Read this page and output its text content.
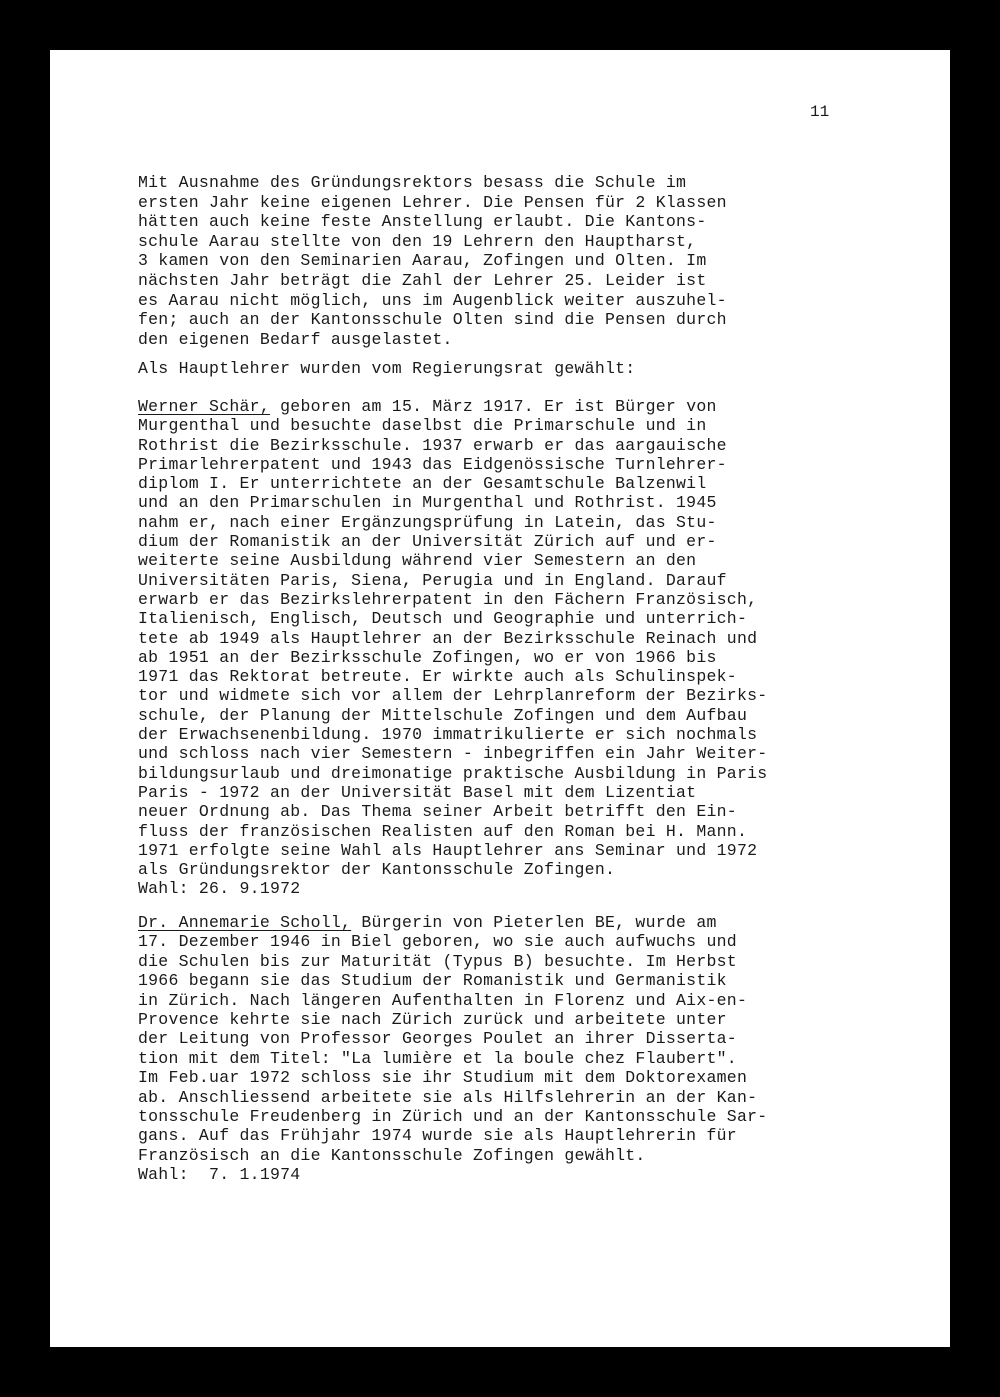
11
Mit Ausnahme des Gründungsrektors besass die Schule im
ersten Jahr keine eigenen Lehrer. Die Pensen für 2 Klassen
hätten auch keine feste Anstellung erlaubt. Die Kantons-
schule Aarau stellte von den 19 Lehrern den Hauptharst,
3 kamen von den Seminarien Aarau, Zofingen und Olten. Im
nächsten Jahr beträgt die Zahl der Lehrer 25. Leider ist
es Aarau nicht möglich, uns im Augenblick weiter auszuhel-
fen; auch an der Kantonsschule Olten sind die Pensen durch
den eigenen Bedarf ausgelastet.
Als Hauptlehrer wurden vom Regierungsrat gewählt:
Werner Schär, geboren am 15. März 1917. Er ist Bürger von
Murgenthal und besuchte daselbst die Primarschule und in
Rothrist die Bezirksschule. 1937 erwarb er das aargauische
Primarlehrerpatent und 1943 das Eidgenössische Turnlehrer-
diplom I. Er unterrichtete an der Gesamtschule Balzenwil
und an den Primarschulen in Murgenthal und Rothrist. 1945
nahm er, nach einer Ergänzungsprüfung in Latein, das Stu-
dium der Romanistik an der Universität Zürich auf und er-
weiterte seine Ausbildung während vier Semestern an den
Universitäten Paris, Siena, Perugia und in England. Darauf
erwarb er das Bezirkslehrerpatent in den Fächern Französisch,
Italienisch, Englisch, Deutsch und Geographie und unterrich-
tete ab 1949 als Hauptlehrer an der Bezirksschule Reinach und
ab 1951 an der Bezirksschule Zofingen, wo er von 1966 bis
1971 das Rektorat betreute. Er wirkte auch als Schulinspek-
tor und widmete sich vor allem der Lehrplanreform der Bezirks-
schule, der Planung der Mittelschule Zofingen und dem Aufbau
der Erwachsenenbildung. 1970 immatrikulierte er sich nochmals
und schloss nach vier Semestern - inbegriffen ein Jahr Weiter-
bildungsurlaub und dreimonatige praktische Ausbildung in Paris
Paris - 1972 an der Universität Basel mit dem Lizentiat
neuer Ordnung ab. Das Thema seiner Arbeit betrifft den Ein-
fluss der französischen Realisten auf den Roman bei H. Mann.
1971 erfolgte seine Wahl als Hauptlehrer ans Seminar und 1972
als Gründungsrektor der Kantonsschule Zofingen.
Wahl: 26. 9.1972
Dr. Annemarie Scholl, Bürgerin von Pieterlen BE, wurde am
17. Dezember 1946 in Biel geboren, wo sie auch aufwuchs und
die Schulen bis zur Maturität (Typus B) besuchte. Im Herbst
1966 begann sie das Studium der Romanistik und Germanistik
in Zürich. Nach längeren Aufenthalten in Florenz und Aix-en-
Provence kehrte sie nach Zürich zurück und arbeitete unter
der Leitung von Professor Georges Poulet an ihrer Disserta-
tion mit dem Titel: "La lumière et la boule chez Flaubert".
Im Feb.uar 1972 schloss sie ihr Studium mit dem Doktorexamen
ab. Anschliessend arbeitete sie als Hilfslehrerin an der Kan-
tonsschule Freudenberg in Zürich und an der Kantonsschule Sar-
gans. Auf das Frühjahr 1974 wurde sie als Hauptlehrerin für
Französisch an die Kantonsschule Zofingen gewählt.
Wahl:  7. 1.1974
